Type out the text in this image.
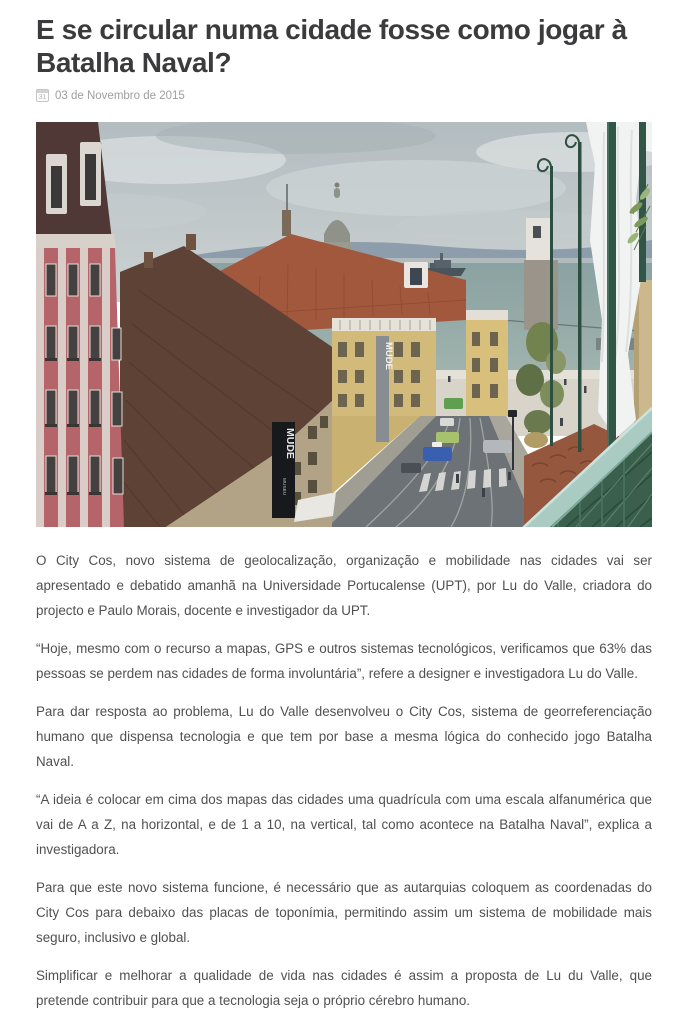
E se circular numa cidade fosse como jogar à Batalha Naval?
31 03 de Novembro de 2015
MUDE
MUSEU
MUDE

O City Cos, novo sistema de geolocalização, organização e mobilidade nas cidades vai ser apresentado e debatido amanhã na Universidade Portucalense (UPT), por Lu do Valle, criadora do projecto e Paulo Morais, docente e investigador da UPT.

“Hoje, mesmo com o recurso a mapas, GPS e outros sistemas tecnológicos, verificamos que 63% das pessoas se perdem nas cidades de forma involuntária”, refere a designer e investigadora Lu do Valle.

Para dar resposta ao problema, Lu do Valle desenvolveu o City Cos, sistema de georreferenciação humano que dispensa tecnologia e que tem por base a mesma lógica do conhecido jogo Batalha Naval.

“A ideia é colocar em cima dos mapas das cidades uma quadrícula com uma escala alfanumérica que vai de A a Z, na horizontal, e de 1 a 10, na vertical, tal como acontece na Batalha Naval”, explica a investigadora.

Para que este novo sistema funcione, é necessário que as autarquias coloquem as coordenadas do City Cos para debaixo das placas de toponímia, permitindo assim um sistema de mobilidade mais seguro, inclusivo e global.

Simplificar e melhorar a qualidade de vida nas cidades é assim a proposta de Lu du Valle, que pretende contribuir para que a tecnologia seja o próprio cérebro humano.
